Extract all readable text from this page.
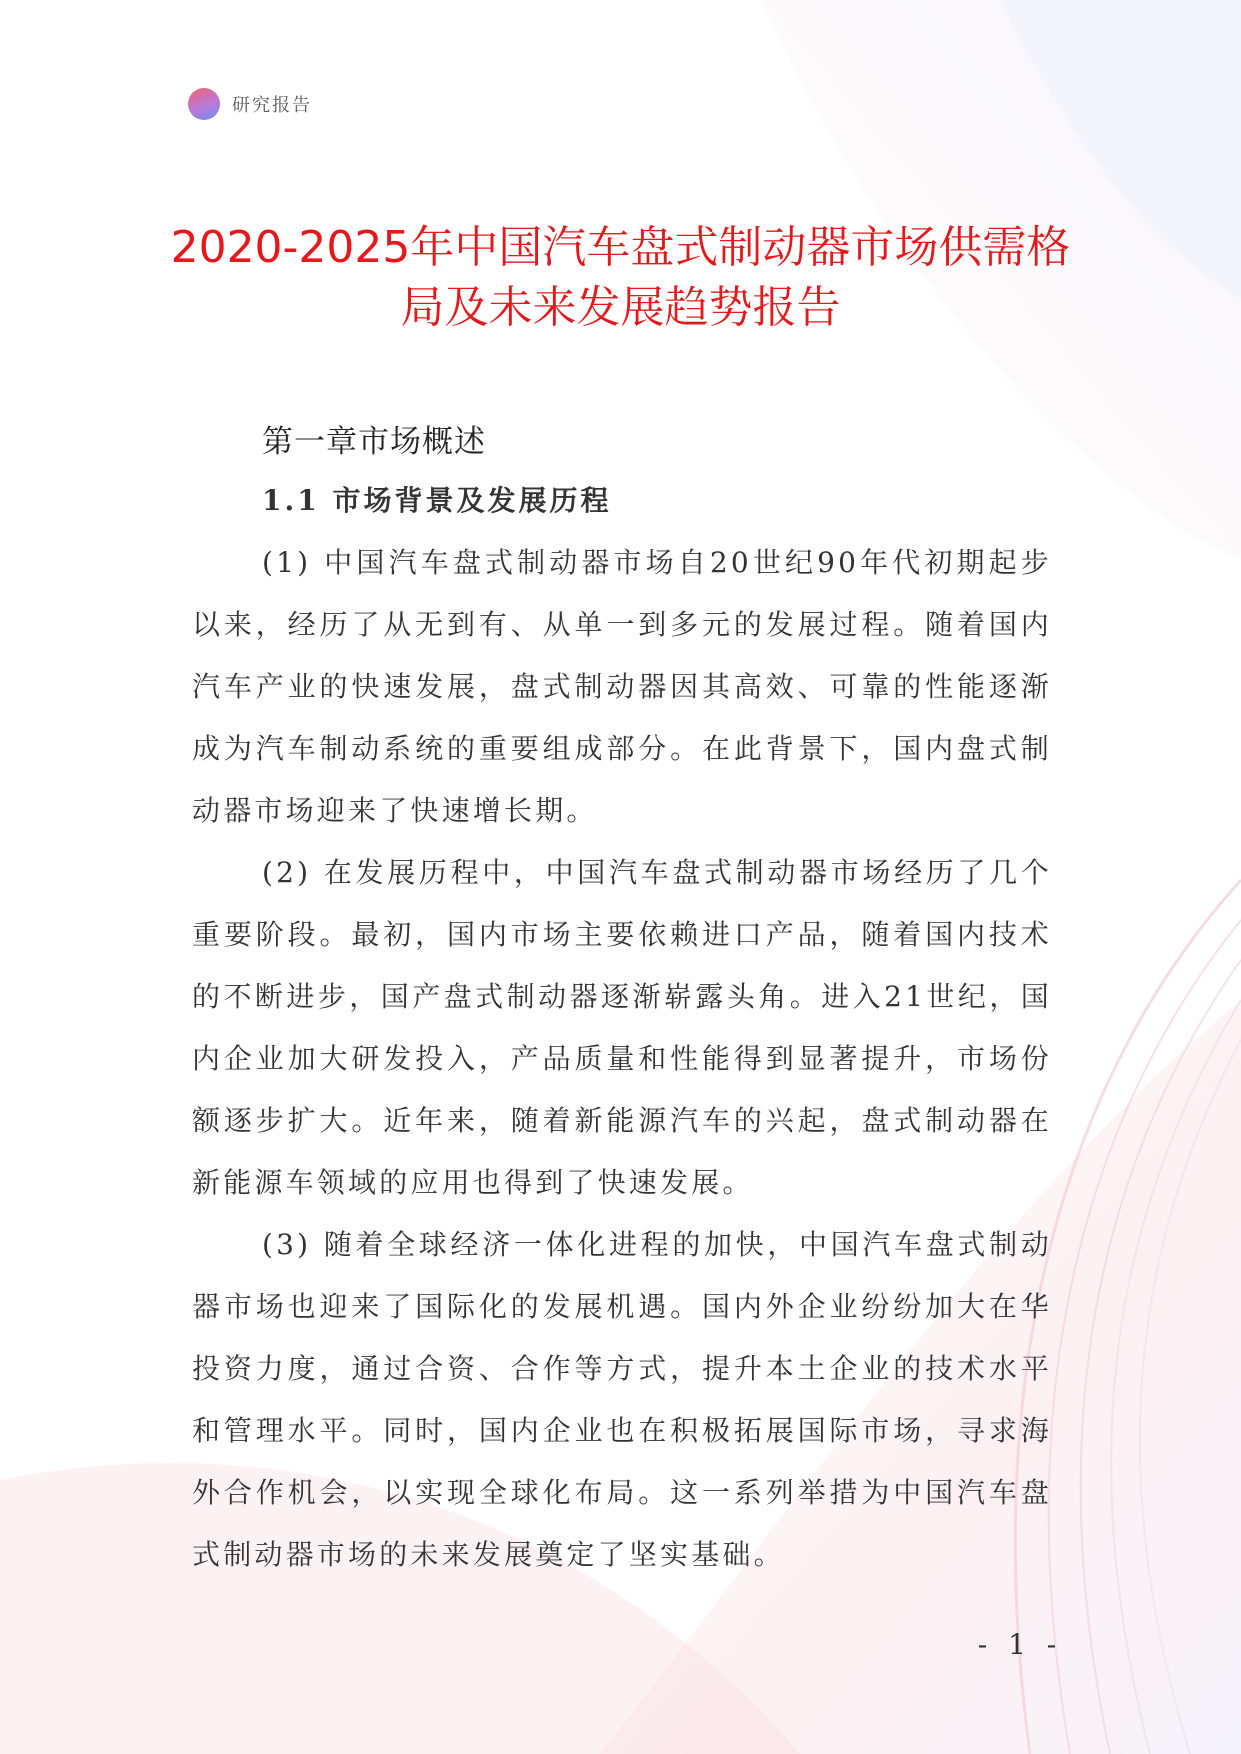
研究报告
2020-2025年中国汽车盘式制动器市场供需格局及未来发展趋势报告
第一章市场概述
1.1 市场背景及发展历程

(1) 中国汽车盘式制动器市场自20世纪90年代初期起步以来，经历了从无到有、从单一到多元的发展过程。随着国内汽车产业的快速发展，盘式制动器因其高效、可靠的性能逐渐成为汽车制动系统的重要组成部分。在此背景下，国内盘式制动器市场迎来了快速增长期。

(2) 在发展历程中，中国汽车盘式制动器市场经历了几个重要阶段。最初，国内市场主要依赖进口产品，随着国内技术的不断进步，国产盘式制动器逐渐崭露头角。进入21世纪，国内企业加大研发投入，产品质量和性能得到显著提升，市场份额逐步扩大。近年来，随着新能源汽车的兴起，盘式制动器在新能源车领域的应用也得到了快速发展。

(3) 随着全球经济一体化进程的加快，中国汽车盘式制动器市场也迎来了国际化的发展机遇。国内外企业纷纷加大在华投资力度，通过合资、合作等方式，提升本土企业的技术水平和管理水平。同时，国内企业也在积极拓展国际市场，寻求海外合作机会，以实现全球化布局。这一系列举措为中国汽车盘式制动器市场的未来发展奠定了坚实基础。

- 1 -
